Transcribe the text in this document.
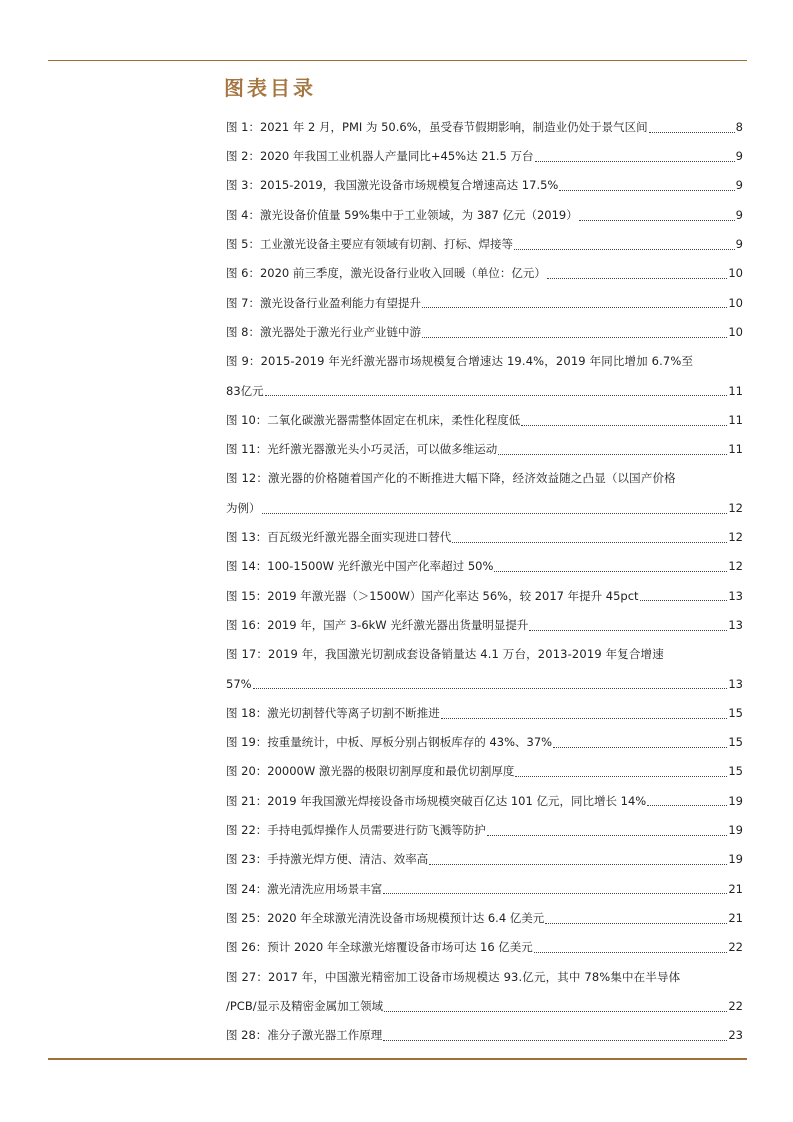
图表目录
图 1：2021 年 2 月，PMI 为 50.6%，虽受春节假期影响，制造业仍处于景气区间	8
图 2：2020 年我国工业机器人产量同比+45%达 21.5 万台	9
图 3：2015-2019，我国激光设备市场规模复合增速高达 17.5%	9
图 4：激光设备价值量 59%集中于工业领域，为 387 亿元（2019）	9
图 5：工业激光设备主要应有领域有切割、打标、焊接等	9
图 6：2020 前三季度，激光设备行业收入回暖（单位：亿元）	10
图 7：激光设备行业盈利能力有望提升	10
图 8：激光器处于激光行业产业链中游	10
图 9：2015-2019 年光纤激光器市场规模复合增速达 19.4%，2019 年同比增加 6.7%至
83亿元	11
图 10：二氧化碳激光器需整体固定在机床，柔性化程度低	11
图 11：光纤激光器激光头小巧灵活，可以做多维运动	11
图 12：激光器的价格随着国产化的不断推进大幅下降，经济效益随之凸显（以国产价格
为例）	12
图 13：百瓦级光纤激光器全面实现进口替代	12
图 14：100-1500W 光纤激光中国产化率超过 50%	12
图 15：2019 年激光器（＞1500W）国产化率达 56%，较 2017 年提升 45pct	13
图 16：2019 年，国产 3-6kW 光纤激光器出货量明显提升	13
图 17：2019 年，我国激光切割成套设备销量达 4.1 万台，2013-2019 年复合增速
57%	13
图 18：激光切割替代等离子切割不断推进	15
图 19：按重量统计，中板、厚板分别占钢板库存的 43%、37%	15
图 20：20000W 激光器的极限切割厚度和最优切割厚度	15
图 21：2019 年我国激光焊接设备市场规模突破百亿达 101 亿元，同比增长 14%	19
图 22：手持电弧焊操作人员需要进行防飞溅等防护	19
图 23：手持激光焊方便、清洁、效率高	19
图 24：激光清洗应用场景丰富	21
图 25：2020 年全球激光清洗设备市场规模预计达 6.4 亿美元	21
图 26：预计 2020 年全球激光熔覆设备市场可达 16 亿美元	22
图 27：2017 年，中国激光精密加工设备市场规模达 93.亿元，其中 78%集中在半导体
/PCB/显示及精密金属加工领域	22
图 28：准分子激光器工作原理	23
